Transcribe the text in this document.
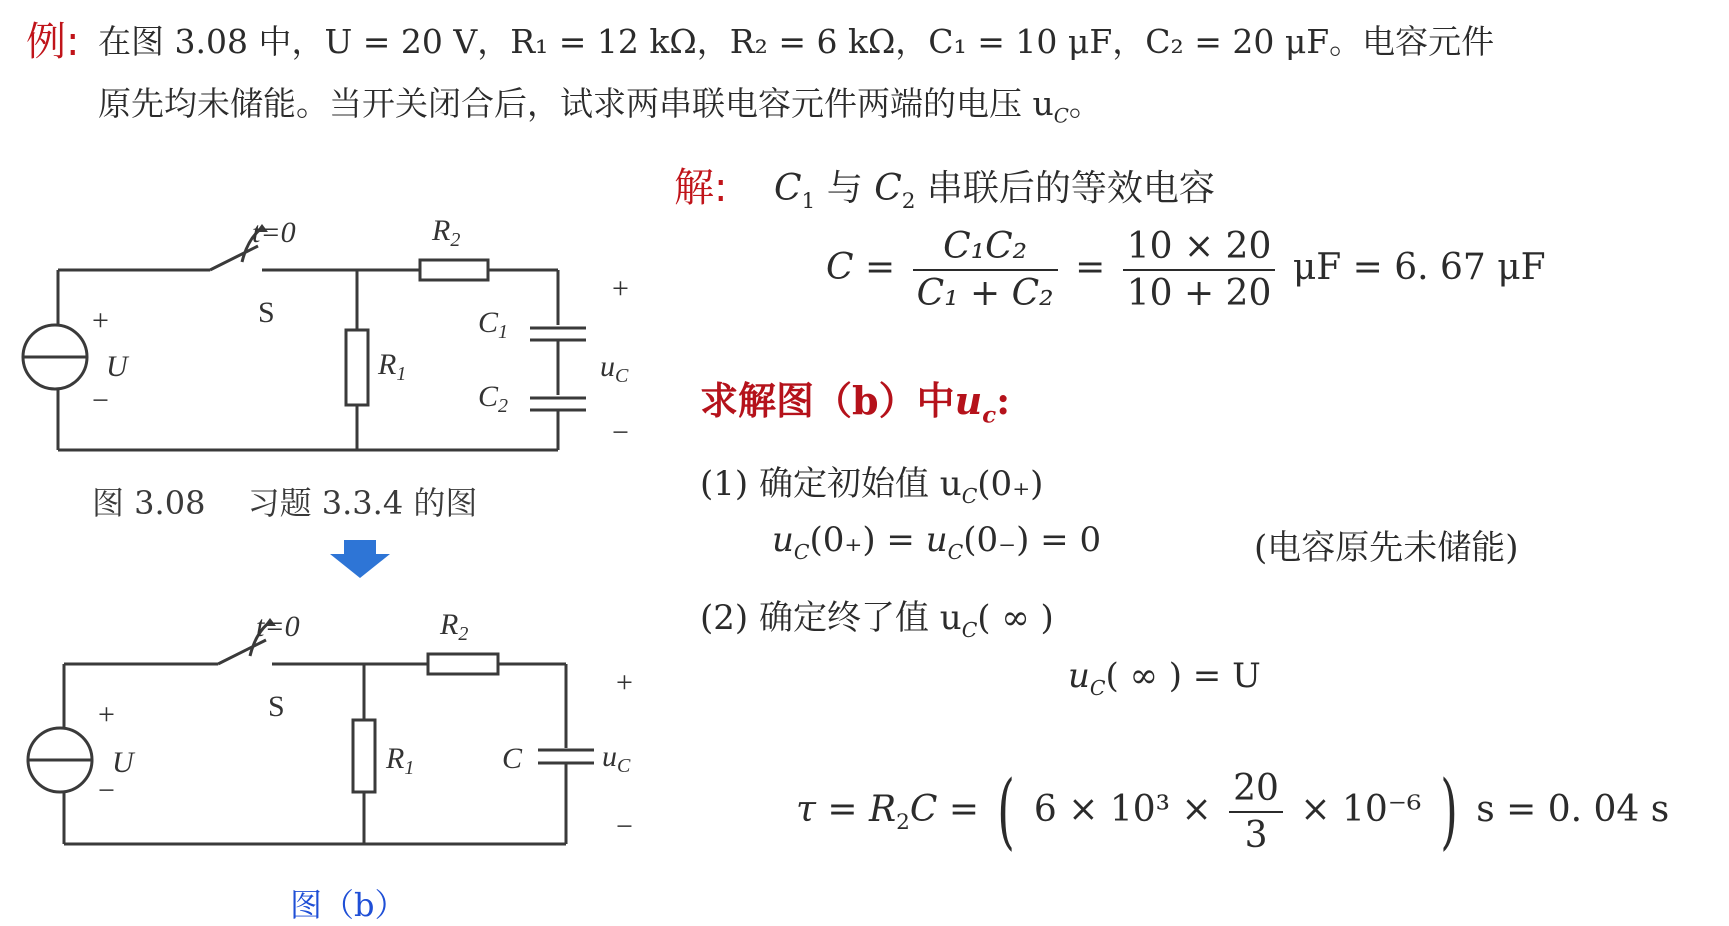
例: 在图 3.08 中，U = 20 V，R₁ = 12 kΩ，R₂ = 6 kΩ，C₁ = 10 μF，C₂ = 20 μF。电容元件
原先均未储能。当开关闭合后，试求两串联电容元件两端的电压 $u_C$。
t=0
S
$R_2$
$R_1$
$C_1$
$C_2$
U
+
−
+
−
$u_C$
图 3.08　 习题 3.3.4 的图
t=0
S
$R_2$
$R_1$	C
U
+
−
+
−
$u_C$
图（b）
解: $C_1$ 与 $C_2$ 串联后的等效电容
$C = \frac{\text{C₁C₂}}{\text{C₁ + C₂}} = \frac{10 \times 20}{10 + 20}$ μF = 6. 67 μF
求解图（b）中$u_c$:
(1) 确定初始值 $u_C(0_+)$
$u_C(0_+) = u_C(0_-) = 0$	(电容原先未储能)
(2) 确定终了值 $u_C$( ∞ )
$u_C$( ∞ ) = U
$\tau = R_2C$ = ( $6 \times 10^3 \times \frac{20}{3} \times 10^{-6}$ ) s = 0. 04 s
